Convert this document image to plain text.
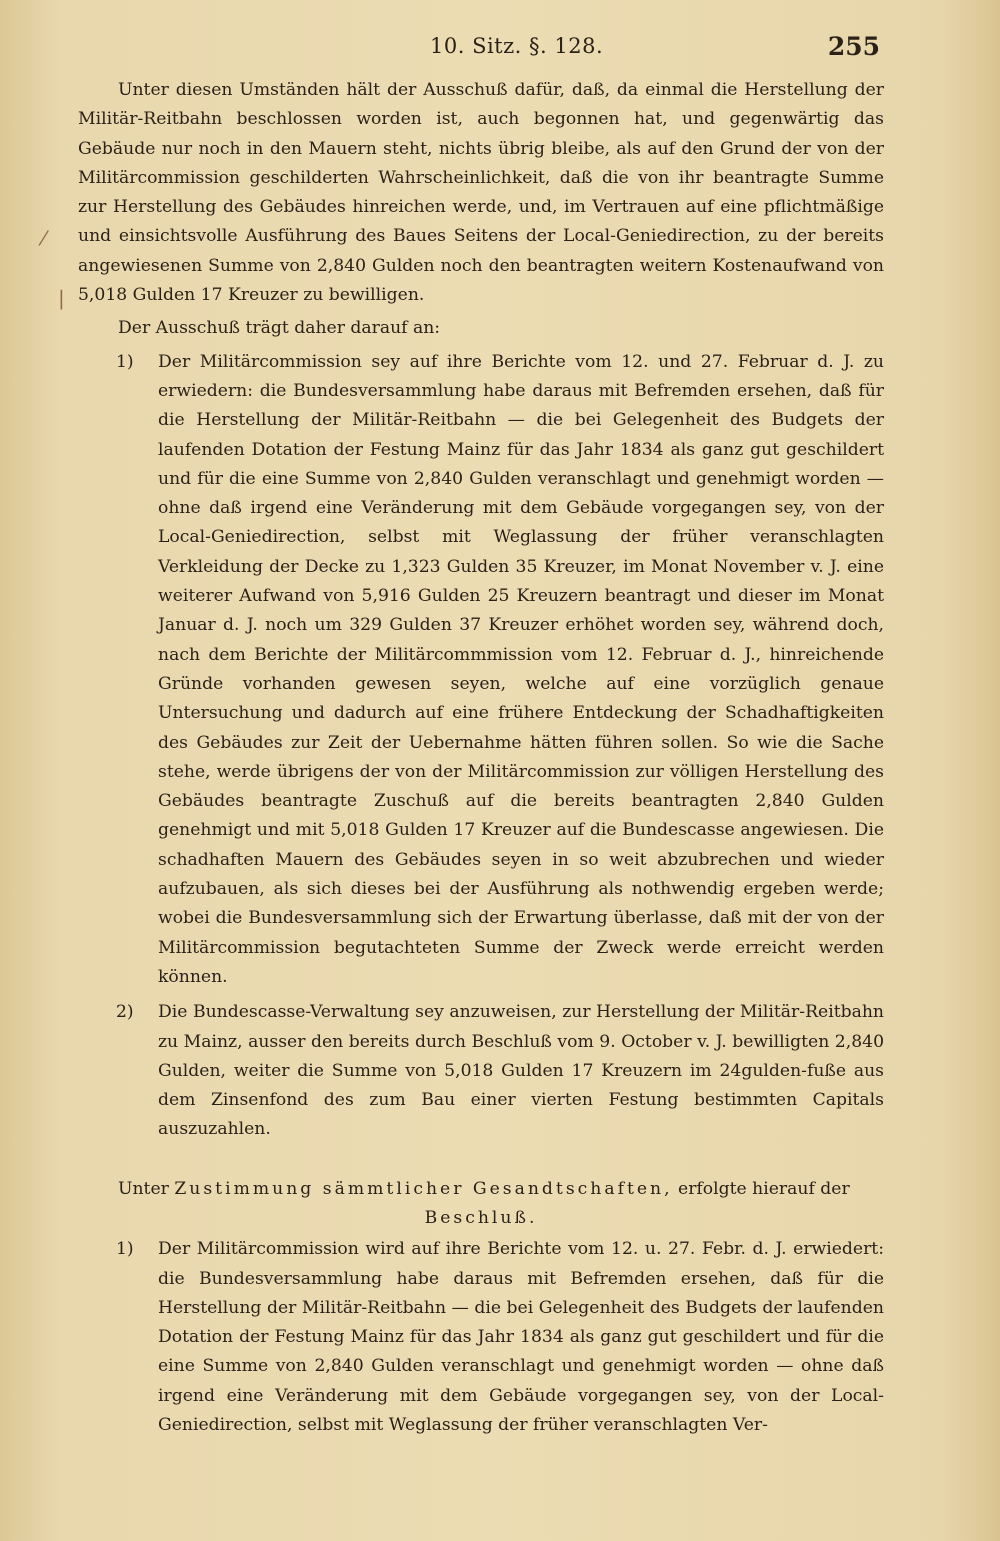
10. Sitz. §. 128.	255
⁄
|

Unter diesen Umständen hält der Ausschuß dafür, daß, da einmal die Herstellung der Militär-Reitbahn beschlossen worden ist, auch begonnen hat, und gegenwärtig das Gebäude nur noch in den Mauern steht, nichts übrig bleibe, als auf den Grund der von der Militärcommission geschilderten Wahrscheinlichkeit, daß die von ihr beantragte Summe zur Herstellung des Gebäudes hinreichen werde, und, im Vertrauen auf eine pflichtmäßige und einsichtsvolle Ausführung des Baues Seitens der Local-Geniedirection, zu der bereits angewiesenen Summe von 2,840 Gulden noch den beantragten weitern Kostenaufwand von 5,018 Gulden 17 Kreuzer zu bewilligen.

Der Ausschuß trägt daher darauf an:

1) Der Militärcommission sey auf ihre Berichte vom 12. und 27. Februar d. J. zu erwiedern: die Bundesversammlung habe daraus mit Befremden ersehen, daß für die Herstellung der Militär-Reitbahn — die bei Gelegenheit des Budgets der laufenden Dotation der Festung Mainz für das Jahr 1834 als ganz gut geschildert und für die eine Summe von 2,840 Gulden veranschlagt und genehmigt worden — ohne daß irgend eine Veränderung mit dem Gebäude vorgegangen sey, von der Local-Geniedirection, selbst mit Weglassung der früher veranschlagten Verkleidung der Decke zu 1,323 Gulden 35 Kreuzer, im Monat November v. J. eine weiterer Aufwand von 5,916 Gulden 25 Kreuzern beantragt und dieser im Monat Januar d. J. noch um 329 Gulden 37 Kreuzer erhöhet worden sey, während doch, nach dem Berichte der Militärcommmission vom 12. Februar d. J., hinreichende Gründe vorhanden gewesen seyen, welche auf eine vorzüglich genaue Untersuchung und dadurch auf eine frühere Entdeckung der Schadhaftigkeiten des Gebäudes zur Zeit der Uebernahme hätten führen sollen. So wie die Sache stehe, werde übrigens der von der Militärcommission zur völligen Herstellung des Gebäudes beantragte Zuschuß auf die bereits beantragten 2,840 Gulden genehmigt und mit 5,018 Gulden 17 Kreuzer auf die Bundescasse angewiesen. Die schadhaften Mauern des Gebäudes seyen in so weit abzubrechen und wieder aufzubauen, als sich dieses bei der Ausführung als nothwendig ergeben werde; wobei die Bundesversammlung sich der Erwartung überlasse, daß mit der von der Militärcommission begutachteten Summe der Zweck werde erreicht werden können.

2) Die Bundescasse-Verwaltung sey anzuweisen, zur Herstellung der Militär-Reitbahn zu Mainz, ausser den bereits durch Beschluß vom 9. October v. J. bewilligten 2,840 Gulden, weiter die Summe von 5,018 Gulden 17 Kreuzern im 24gulden-fuße aus dem Zinsenfond des zum Bau einer vierten Festung bestimmten Capitals auszuzahlen.

Unter Zustimmung sämmtlicher Gesandtschaften, erfolgte hierauf der

Beschluß.

1) Der Militärcommission wird auf ihre Berichte vom 12. u. 27. Febr. d. J. erwiedert: die Bundesversammlung habe daraus mit Befremden ersehen, daß für die Herstellung der Militär-Reitbahn — die bei Gelegenheit des Budgets der laufenden Dotation der Festung Mainz für das Jahr 1834 als ganz gut geschildert und für die eine Summe von 2,840 Gulden veranschlagt und genehmigt worden — ohne daß irgend eine Veränderung mit dem Gebäude vorgegangen sey, von der Local-Geniedirection, selbst mit Weglassung der früher veranschlagten Ver-
